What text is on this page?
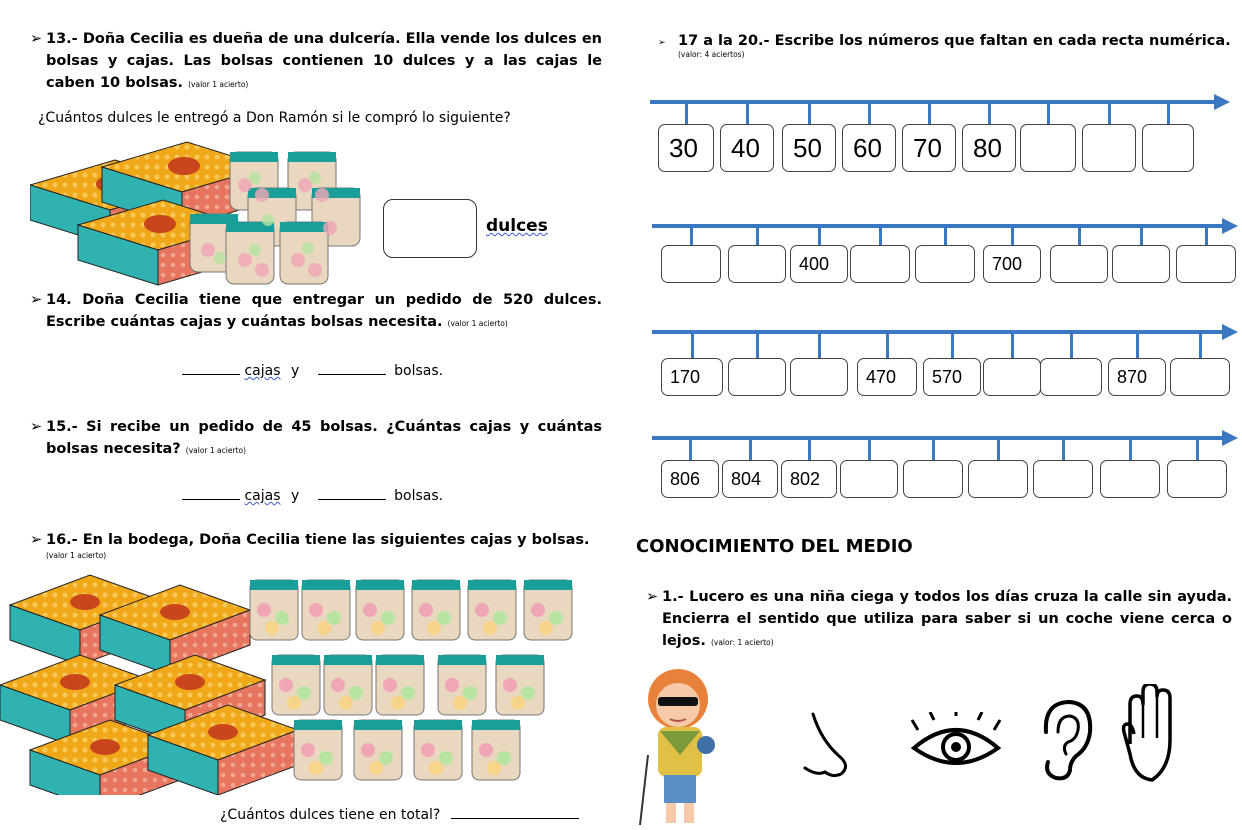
➢ 13.- Doña Cecilia es dueña de una dulcería. Ella vende los dulces en bolsas y cajas. Las bolsas contienen 10 dulces y a las cajas le caben 10 bolsas. (valor 1 acierto)
¿Cuántos dulces le entregó a Don Ramón si le compró lo siguiente?
dulces
➢ 14. Doña Cecilia tiene que entregar un pedido de 520 dulces. Escribe cuántas cajas y cuántas bolsas necesita. (valor 1 acierto)
cajas y	bolsas.
➢ 15.- Si recibe un pedido de 45 bolsas. ¿Cuántas cajas y cuántas bolsas necesita? (valor 1 acierto)
cajas y	bolsas.
➢ 16.- En la bodega, Doña Cecilia tiene las siguientes cajas y bolsas.
(valor 1 acierto)
¿Cuántos dulces tiene en total?
➢ 17 a la 20.- Escribe los números que faltan en cada recta numérica.
(valor: 4 aciertos)
30 40 50 60 70 80
400	700
170	470 570	870
806 804 802
CONOCIMIENTO DEL MEDIO
➢ 1.- Lucero es una niña ciega y todos los días cruza la calle sin ayuda. Encierra el sentido que utiliza para saber si un coche viene cerca o lejos. (valor: 1 acierto)
